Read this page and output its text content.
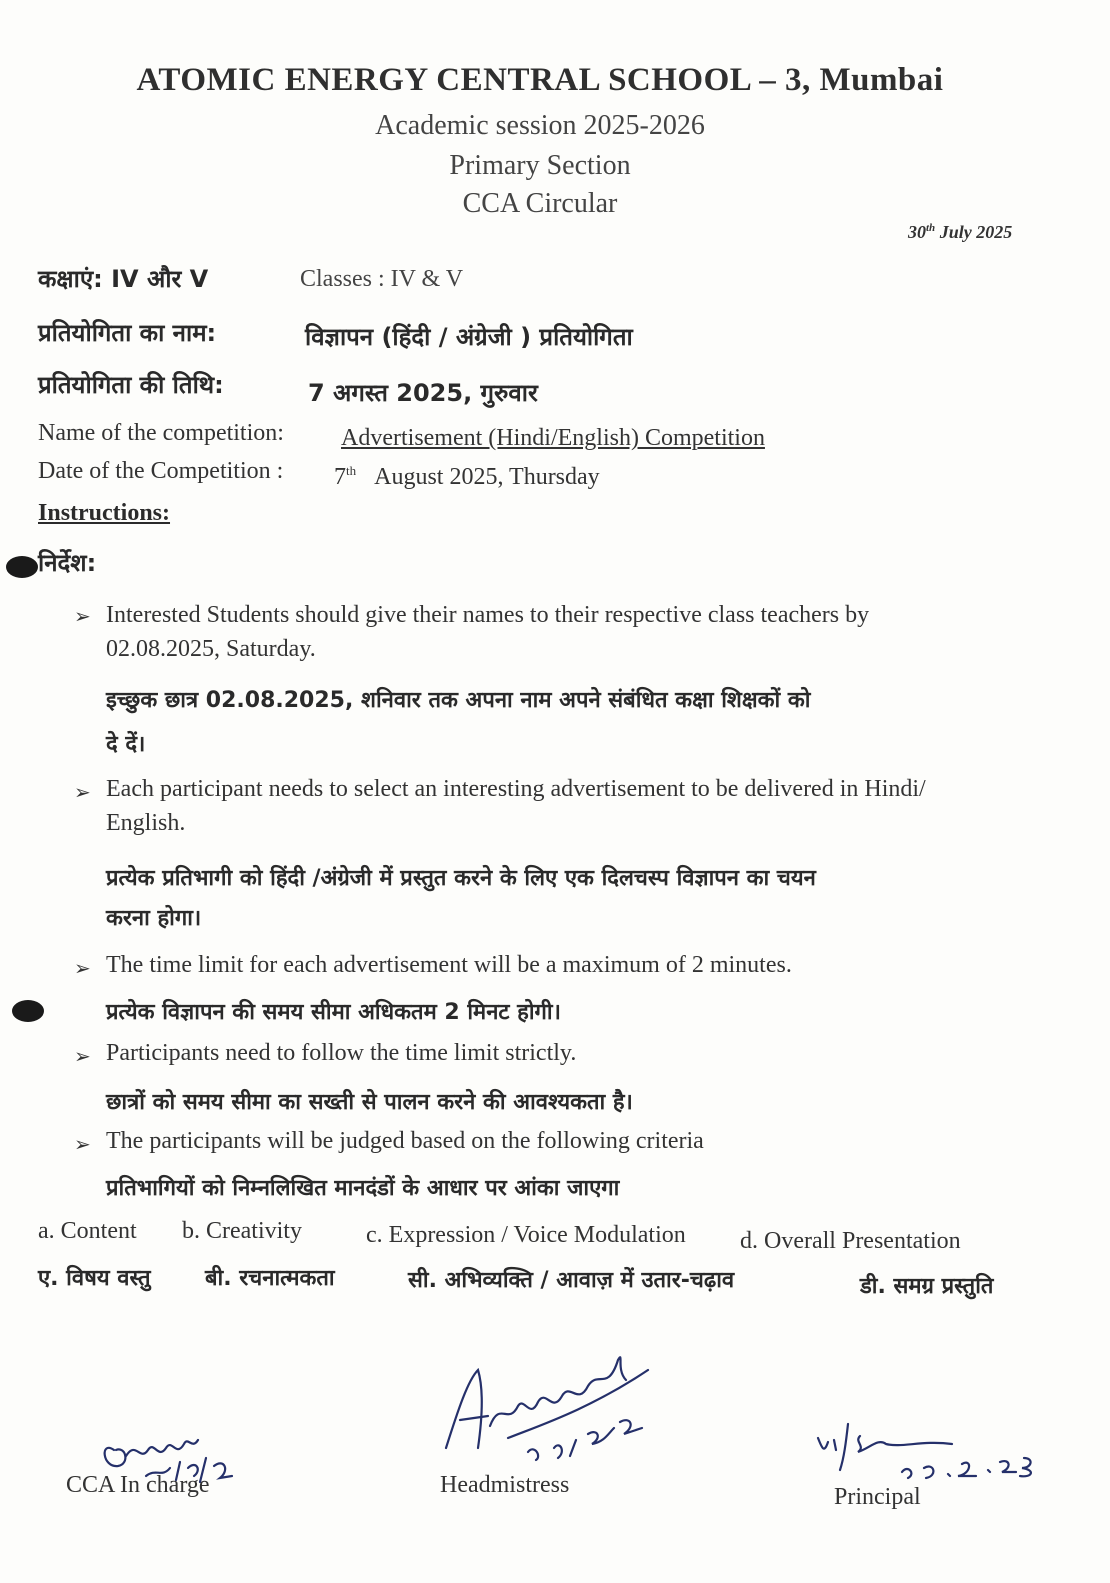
ATOMIC ENERGY CENTRAL SCHOOL – 3, Mumbai
Academic session 2025-2026
Primary Section
CCA Circular
30th July 2025
कक्षाएं: IV और V	Classes : IV & V
प्रतियोगिता का नाम:	विज्ञापन (हिंदी / अंग्रेजी ) प्रतियोगिता
प्रतियोगिता की तिथि:	7 अगस्त 2025, गुरुवार
Name of the competition: Advertisement (Hindi/English) Competition
Date of the Competition : 7th August 2025, Thursday
Instructions:
निर्देश:
➢ Interested Students should give their names to their respective class teachers by
02.08.2025, Saturday.
इच्छुक छात्र 02.08.2025, शनिवार तक अपना नाम अपने संबंधित कक्षा शिक्षकों को
दे दें।
➢ Each participant needs to select an interesting advertisement to be delivered in Hindi/
English.
प्रत्येक प्रतिभागी को हिंदी /अंग्रेजी में प्रस्तुत करने के लिए एक दिलचस्प विज्ञापन का चयन
करना होगा।
➢ The time limit for each advertisement will be a maximum of 2 minutes.
प्रत्येक विज्ञापन की समय सीमा अधिकतम 2 मिनट होगी।
➢ Participants need to follow the time limit strictly.
छात्रों को समय सीमा का सख्ती से पालन करने की आवश्यकता है।
➢ The participants will be judged based on the following criteria
प्रतिभागियों को निम्नलिखित मानदंडों के आधार पर आंका जाएगा
a. Content b. Creativity	c. Expression / Voice Modulation d. Overall Presentation
ए. विषय वस्तु बी. रचनात्मकता	सी. अभिव्यक्ति / आवाज़ में उतार-चढ़ाव	डी. समग्र प्रस्तुति
CCA In charge	Headmistress	Principal
